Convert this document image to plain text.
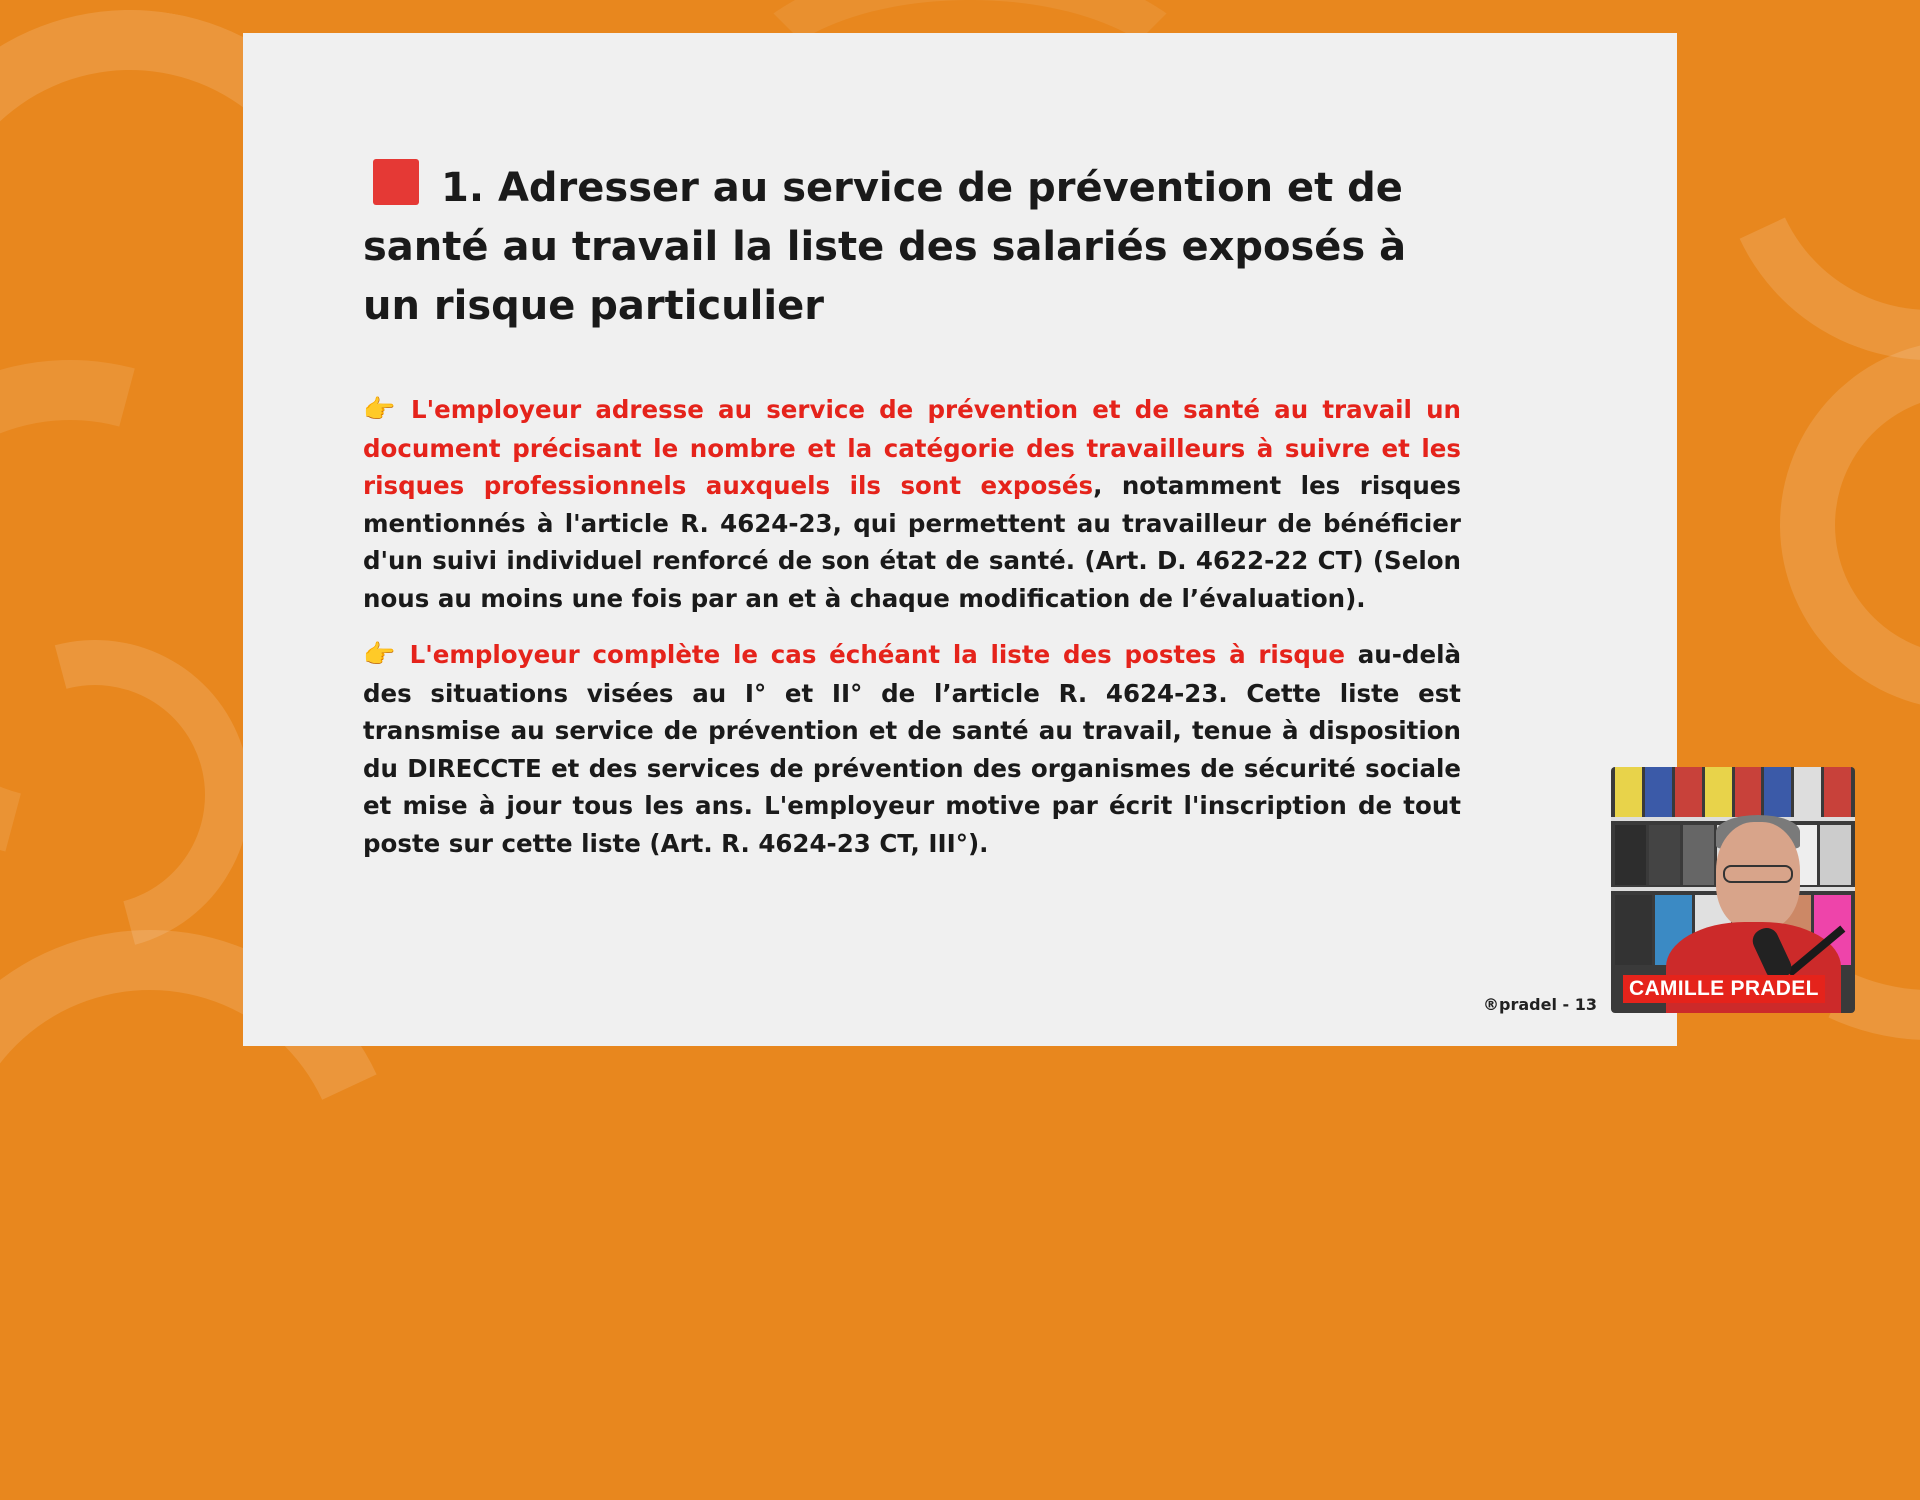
1. Adresser au service de prévention et de santé au travail la liste des salariés exposés à un risque particulier
👉 L'employeur adresse au service de prévention et de santé au travail un document précisant le nombre et la catégorie des travailleurs à suivre et les risques professionnels auxquels ils sont exposés, notamment les risques mentionnés à l'article R. 4624-23, qui permettent au travailleur de bénéficier d'un suivi individuel renforcé de son état de santé. (Art. D. 4622-22 CT) (Selon nous au moins une fois par an et à chaque modification de l’évaluation).
👉 L'employeur complète le cas échéant la liste des postes à risque au-delà des situations visées au I° et II° de l’article R. 4624-23. Cette liste est transmise au service de prévention et de santé au travail, tenue à disposition du DIRECCTE et des services de prévention des organismes de sécurité sociale et mise à jour tous les ans. L'employeur motive par écrit l'inscription de tout poste sur cette liste (Art. R. 4624-23 CT, III°).
®pradel - 13
CAMILLE PRADEL
